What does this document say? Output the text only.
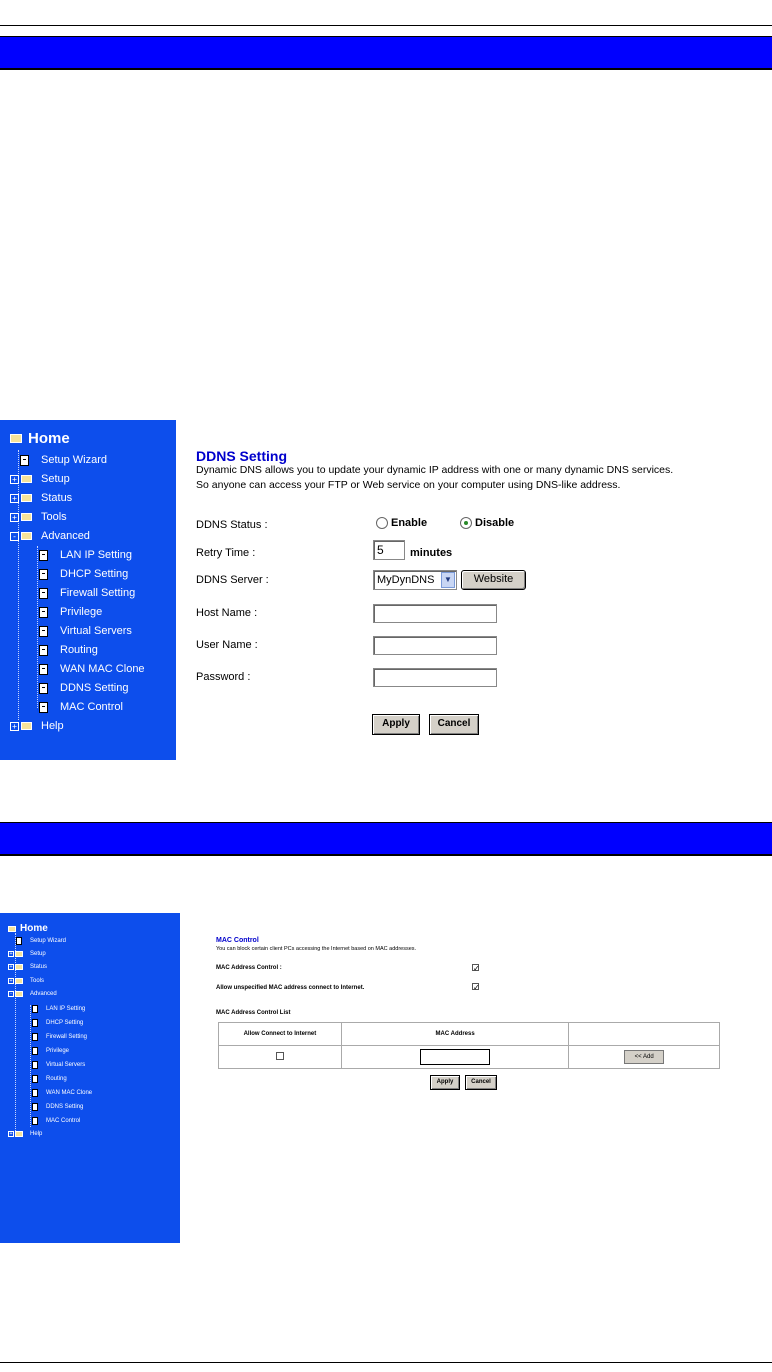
Home
Setup Wizard
+ Setup
+ Status
+ Tools
- Advanced
LAN IP Setting
DHCP Setting
Firewall Setting
Privilege
Virtual Servers
Routing
WAN MAC Clone
DDNS Setting
MAC Control
+ Help
DDNS Setting
Dynamic DNS allows you to update your dynamic IP address with one or many dynamic DNS services.
So anyone can access your FTP or Web service on your computer using DNS-like address.
DDNS Status :	Enable	Disable
Retry Time :	5	minutes
DDNS Server :	MyDynDNS	▼	Website
Host Name :
User Name :
Password :
Apply	Cancel
Home
Setup Wizard
+	Setup
+	Status
+	Tools
-	Advanced
LAN IP Setting
DHCP Setting
Firewall Setting
Privilege
Virtual Servers
Routing
WAN MAC Clone
DDNS Setting
MAC Control
+	Help
MAC Control
You can block certain client PCs accessing the Internet based on MAC addresses.
MAC Address Control :	✓
Allow unspecified MAC address connect to Internet.	✓
MAC Address Control List
Allow Connect to Internet	MAC Address	
		<< Add
Apply	Cancel
